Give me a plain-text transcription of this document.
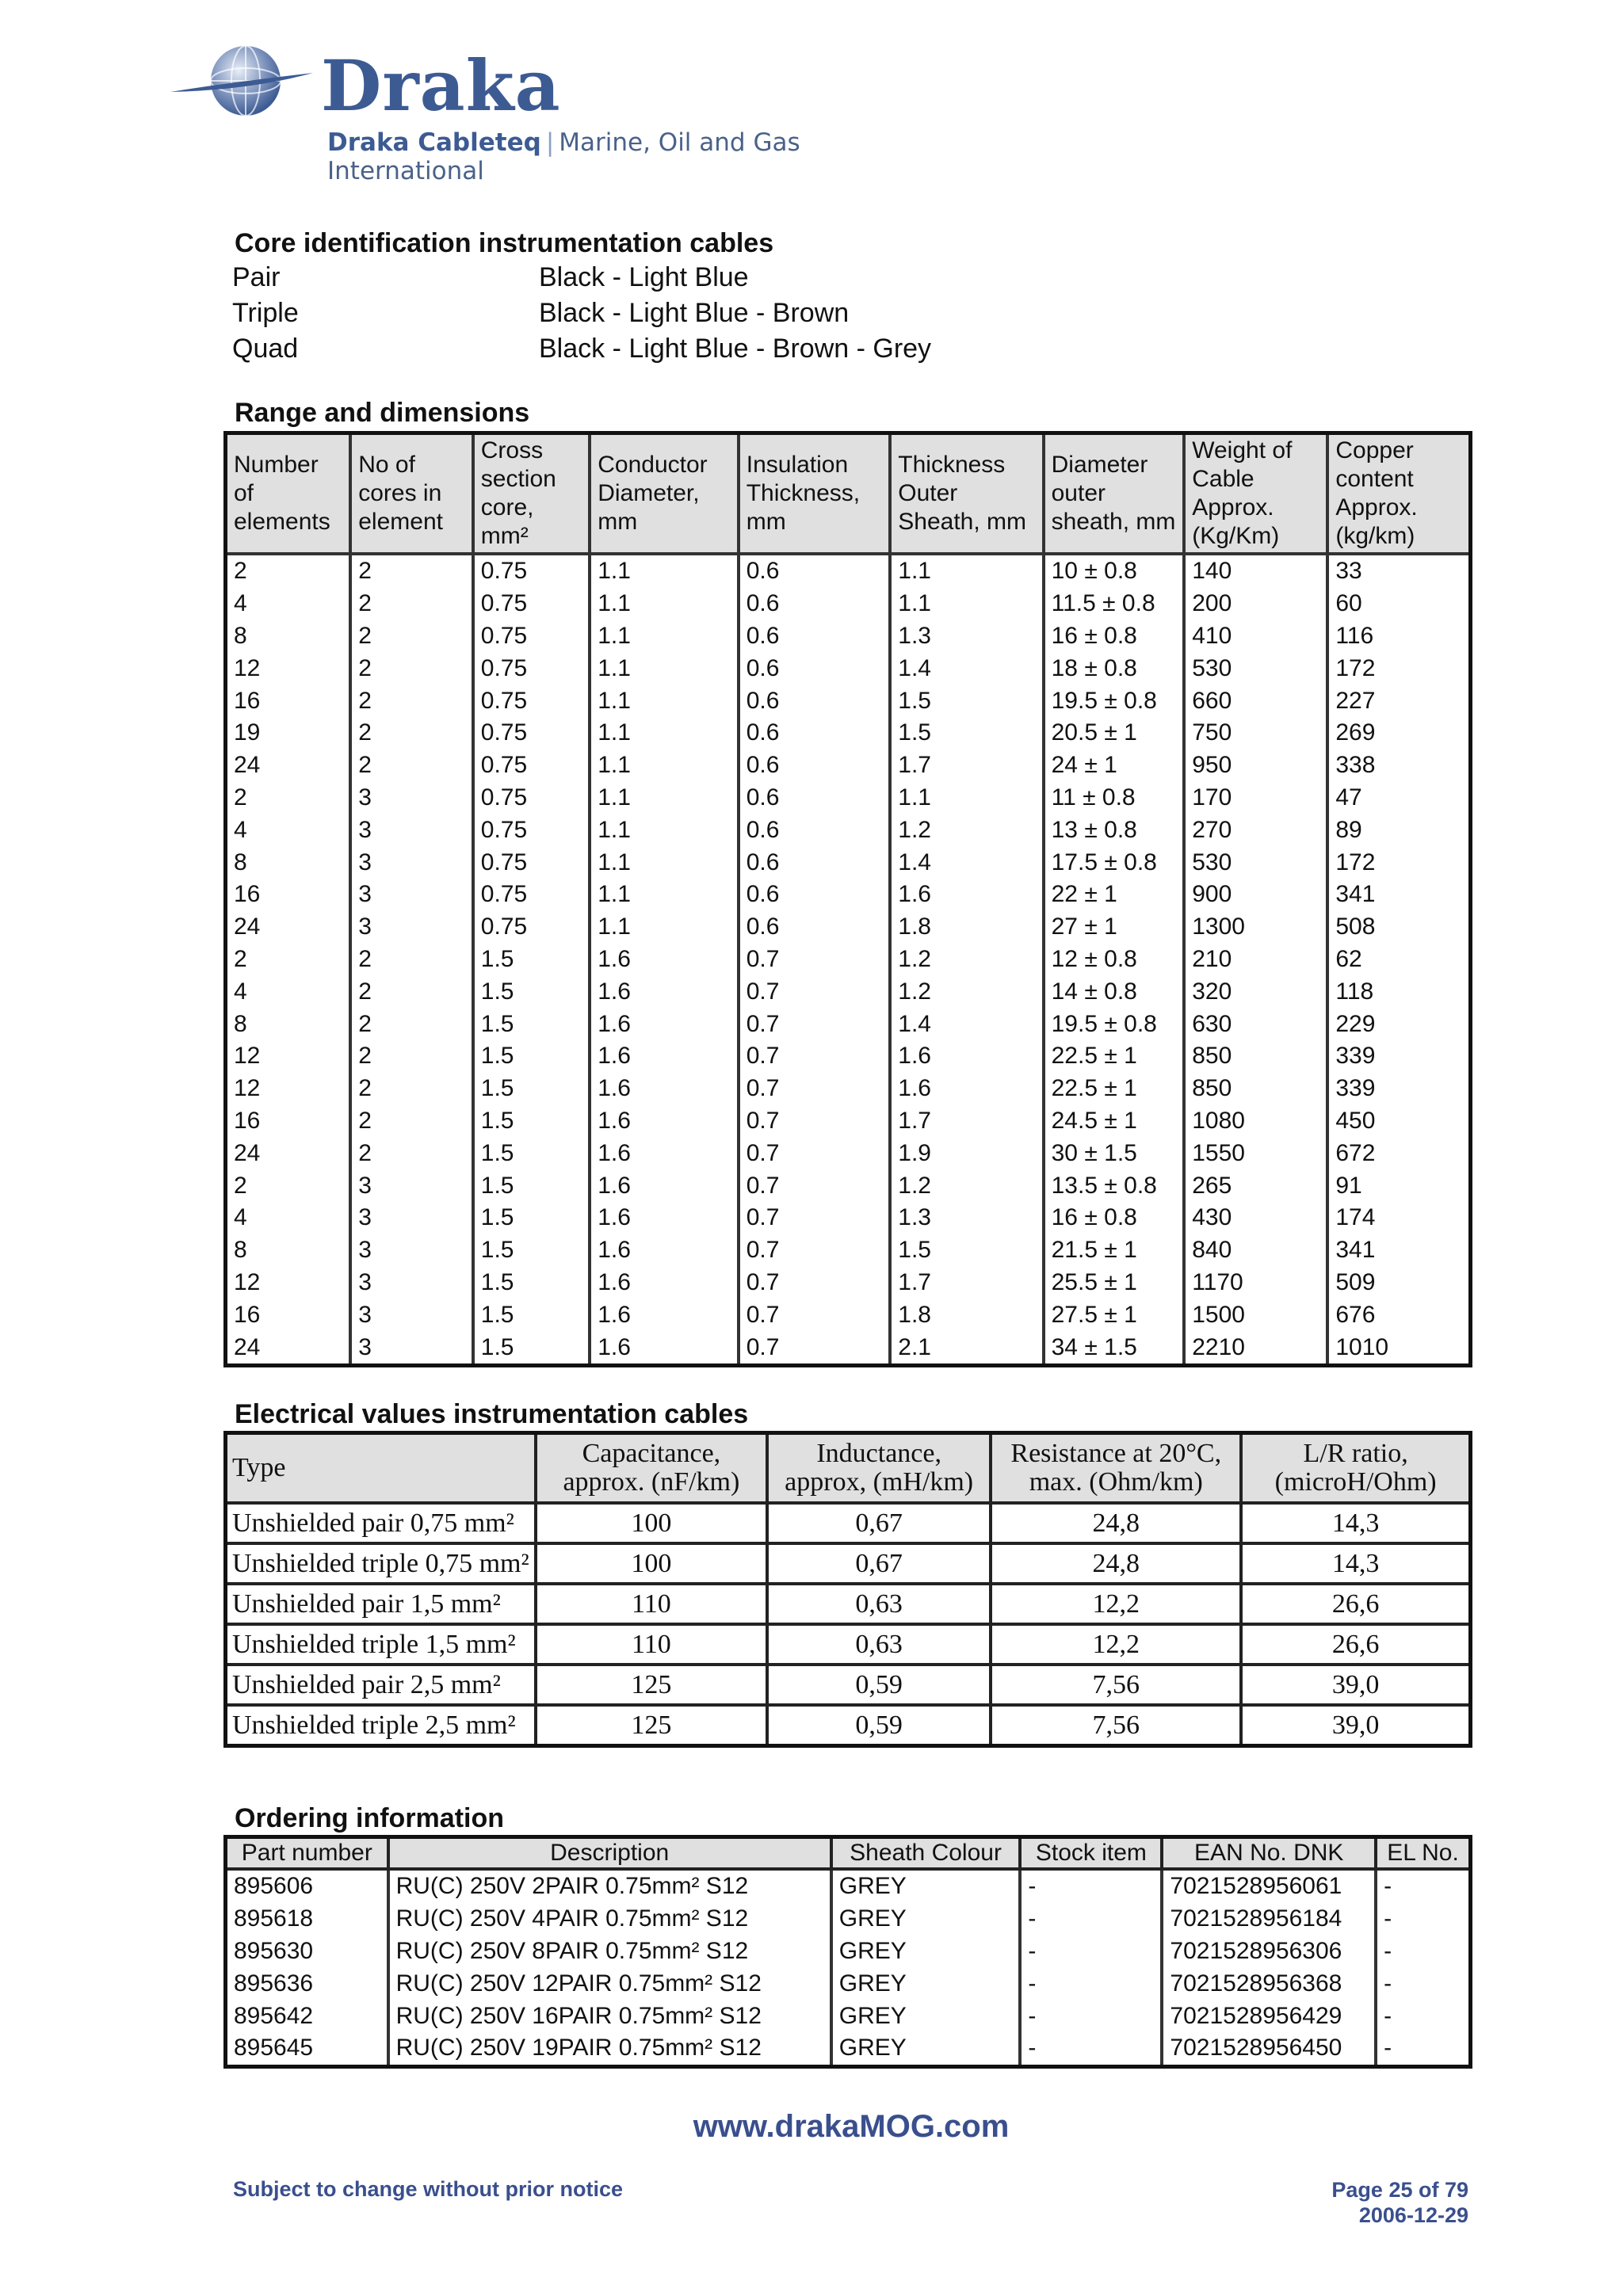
Draka
Draka Cableteq | Marine, Oil and Gas International
Core identification instrumentation cables
Pair	Black - Light Blue
Triple	Black - Light Blue - Brown
Quad	Black - Light Blue - Brown - Grey
Range and dimensions
Number of elements	No of cores in element	Cross section core, mm²	Conductor Diameter, mm	Insulation Thickness, mm	Thickness Outer Sheath, mm	Diameter outer sheath, mm	Weight of Cable Approx. (Kg/Km)	Copper content Approx. (kg/km)
2	2	0.75	1.1	0.6	1.1	10 ± 0.8	140	33
4	2	0.75	1.1	0.6	1.1	11.5 ± 0.8	200	60
8	2	0.75	1.1	0.6	1.3	16 ± 0.8	410	116
12	2	0.75	1.1	0.6	1.4	18 ± 0.8	530	172
16	2	0.75	1.1	0.6	1.5	19.5 ± 0.8	660	227
19	2	0.75	1.1	0.6	1.5	20.5 ± 1	750	269
24	2	0.75	1.1	0.6	1.7	24 ± 1	950	338
2	3	0.75	1.1	0.6	1.1	11 ± 0.8	170	47
4	3	0.75	1.1	0.6	1.2	13 ± 0.8	270	89
8	3	0.75	1.1	0.6	1.4	17.5 ± 0.8	530	172
16	3	0.75	1.1	0.6	1.6	22 ± 1	900	341
24	3	0.75	1.1	0.6	1.8	27 ± 1	1300	508
2	2	1.5	1.6	0.7	1.2	12 ± 0.8	210	62
4	2	1.5	1.6	0.7	1.2	14 ± 0.8	320	118
8	2	1.5	1.6	0.7	1.4	19.5 ± 0.8	630	229
12	2	1.5	1.6	0.7	1.6	22.5 ± 1	850	339
12	2	1.5	1.6	0.7	1.6	22.5 ± 1	850	339
16	2	1.5	1.6	0.7	1.7	24.5 ± 1	1080	450
24	2	1.5	1.6	0.7	1.9	30 ± 1.5	1550	672
2	3	1.5	1.6	0.7	1.2	13.5 ± 0.8	265	91
4	3	1.5	1.6	0.7	1.3	16 ± 0.8	430	174
8	3	1.5	1.6	0.7	1.5	21.5 ± 1	840	341
12	3	1.5	1.6	0.7	1.7	25.5 ± 1	1170	509
16	3	1.5	1.6	0.7	1.8	27.5 ± 1	1500	676
24	3	1.5	1.6	0.7	2.1	34 ± 1.5	2210	1010
Electrical values instrumentation cables
Type	Capacitance, approx. (nF/km)	Inductance, approx, (mH/km)	Resistance at 20°C, max. (Ohm/km)	L/R ratio, (microH/Ohm)
Unshielded pair 0,75 mm²	100	0,67	24,8	14,3
Unshielded triple 0,75 mm²	100	0,67	24,8	14,3
Unshielded pair 1,5 mm²	110	0,63	12,2	26,6
Unshielded triple 1,5 mm²	110	0,63	12,2	26,6
Unshielded pair 2,5 mm²	125	0,59	7,56	39,0
Unshielded triple 2,5 mm²	125	0,59	7,56	39,0
Ordering information
Part number	Description	Sheath Colour	Stock item	EAN No. DNK	EL No.
895606	RU(C) 250V 2PAIR 0.75mm² S12	GREY	-	7021528956061	-
895618	RU(C) 250V 4PAIR 0.75mm² S12	GREY	-	7021528956184	-
895630	RU(C) 250V 8PAIR 0.75mm² S12	GREY	-	7021528956306	-
895636	RU(C) 250V 12PAIR 0.75mm² S12	GREY	-	7021528956368	-
895642	RU(C) 250V 16PAIR 0.75mm² S12	GREY	-	7021528956429	-
895645	RU(C) 250V 19PAIR 0.75mm² S12	GREY	-	7021528956450	-
www.drakaMOG.com
Subject to change without prior notice	Page 25 of 79
2006-12-29
